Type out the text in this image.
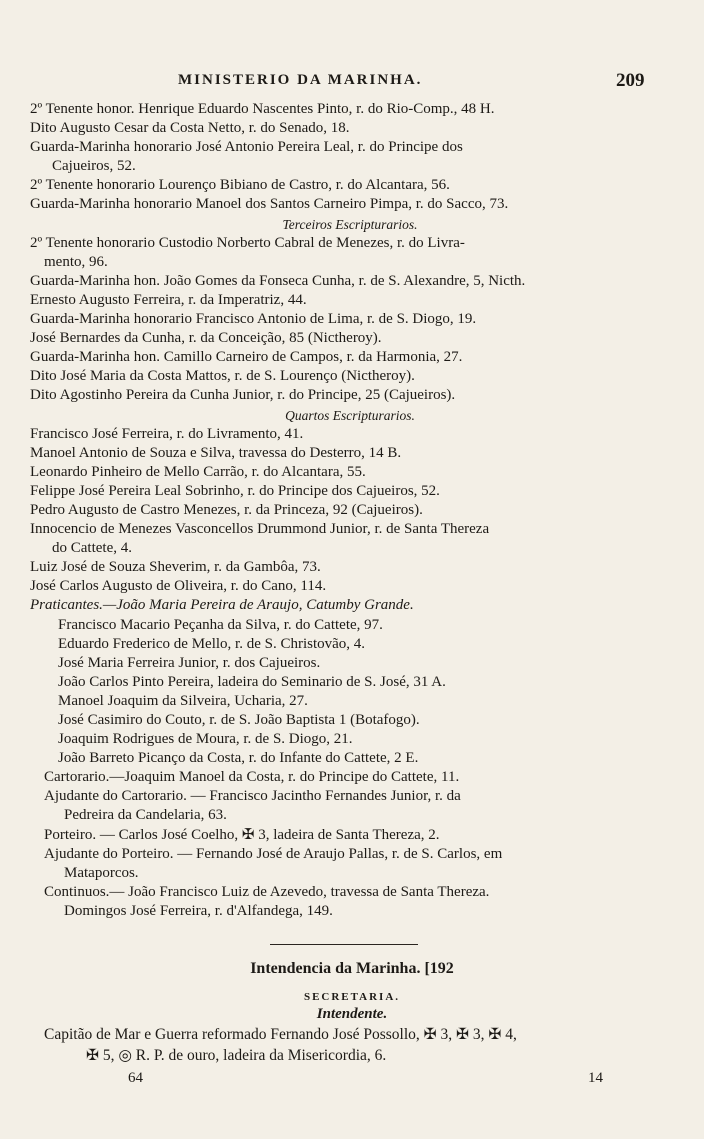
MINISTERIO DA MARINHA.	209
2º Tenente honor. Henrique Eduardo Nascentes Pinto, r. do Rio-Comp., 48 H.
Dito Augusto Cesar da Costa Netto, r. do Senado, 18.
Guarda-Marinha honorario José Antonio Pereira Leal, r. do Principe dos
Cajueiros, 52.
2º Tenente honorario Lourenço Bibiano de Castro, r. do Alcantara, 56.
Guarda-Marinha honorario Manoel dos Santos Carneiro Pimpa, r. do Sacco, 73.
Terceiros Escripturarios.
2º Tenente honorario Custodio Norberto Cabral de Menezes, r. do Livra-
mento, 96.
Guarda-Marinha hon. João Gomes da Fonseca Cunha, r. de S. Alexandre, 5, Nicth.
Ernesto Augusto Ferreira, r. da Imperatriz, 44.
Guarda-Marinha honorario Francisco Antonio de Lima, r. de S. Diogo, 19.
José Bernardes da Cunha, r. da Conceição, 85 (Nictheroy).
Guarda-Marinha hon. Camillo Carneiro de Campos, r. da Harmonia, 27.
Dito José Maria da Costa Mattos, r. de S. Lourenço (Nictheroy).
Dito Agostinho Pereira da Cunha Junior, r. do Principe, 25 (Cajueiros).
Quartos Escripturarios.
Francisco José Ferreira, r. do Livramento, 41.
Manoel Antonio de Souza e Silva, travessa do Desterro, 14 B.
Leonardo Pinheiro de Mello Carrão, r. do Alcantara, 55.
Felippe José Pereira Leal Sobrinho, r. do Principe dos Cajueiros, 52.
Pedro Augusto de Castro Menezes, r. da Princeza, 92 (Cajueiros).
Innocencio de Menezes Vasconcellos Drummond Junior, r. de Santa Thereza
do Cattete, 4.
Luiz José de Souza Sheverim, r. da Gambôa, 73.
José Carlos Augusto de Oliveira, r. do Cano, 114.
Praticantes.—João Maria Pereira de Araujo, Catumby Grande.
Francisco Macario Peçanha da Silva, r. do Cattete, 97.
Eduardo Frederico de Mello, r. de S. Christovão, 4.
José Maria Ferreira Junior, r. dos Cajueiros.
João Carlos Pinto Pereira, ladeira do Seminario de S. José, 31 A.
Manoel Joaquim da Silveira, Ucharia, 27.
José Casimiro do Couto, r. de S. João Baptista 1 (Botafogo).
Joaquim Rodrigues de Moura, r. de S. Diogo, 21.
João Barreto Picanço da Costa, r. do Infante do Cattete, 2 E.
Cartorario.—Joaquim Manoel da Costa, r. do Principe do Cattete, 11.
Ajudante do Cartorario. — Francisco Jacintho Fernandes Junior, r. da
Pedreira da Candelaria, 63.
Porteiro. — Carlos José Coelho, ✠ 3, ladeira de Santa Thereza, 2.
Ajudante do Porteiro. — Fernando José de Araujo Pallas, r. de S. Carlos, em
Mataporcos.
Continuos.— João Francisco Luiz de Azevedo, travessa de Santa Thereza.
Domingos José Ferreira, r. d'Alfandega, 149.
Intendencia da Marinha. [192
SECRETARIA.
Intendente.
Capitão de Mar e Guerra reformado Fernando José Possollo, ✠ 3, ✠ 3, ✠ 4,
✠ 5, ◎ R. P. de ouro, ladeira da Misericordia, 6.
64	14
